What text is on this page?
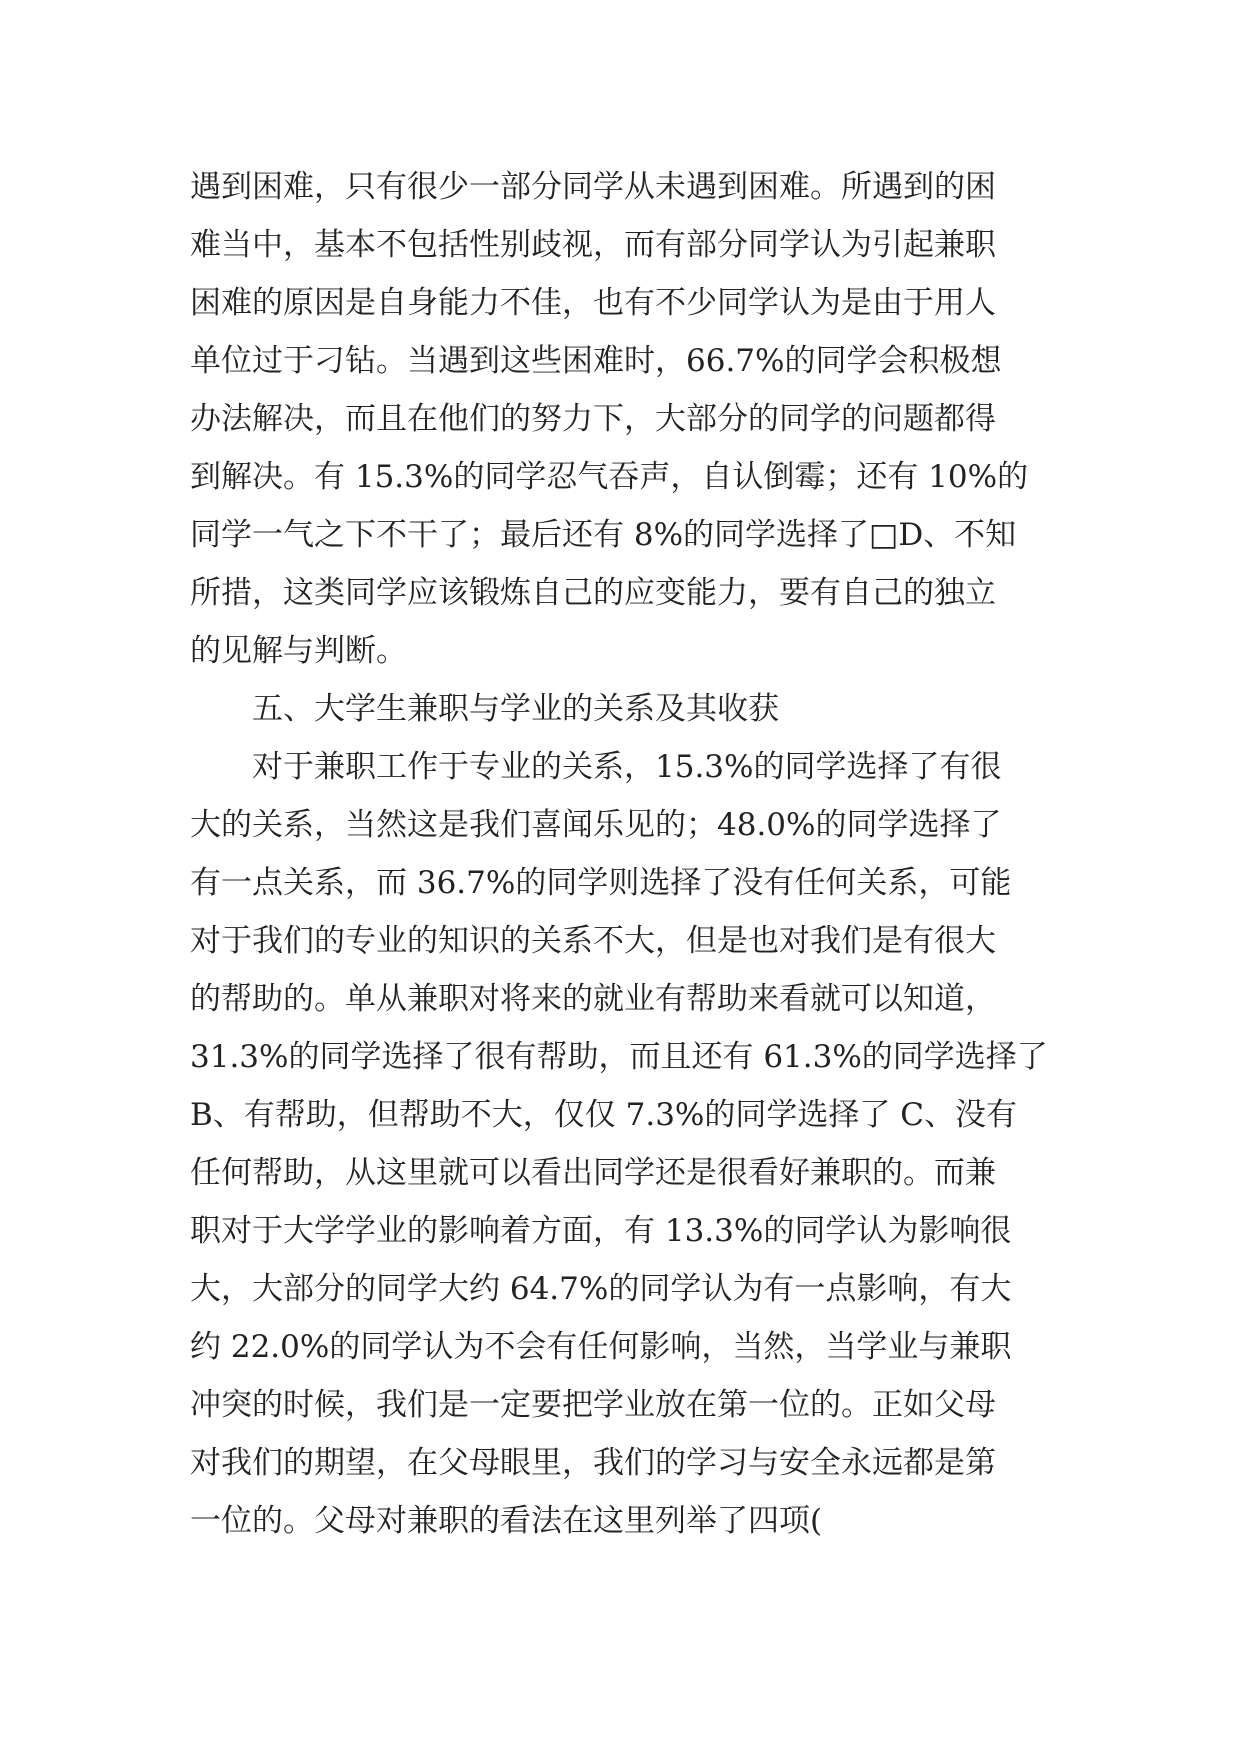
遇到困难，只有很少一部分同学从未遇到困难。所遇到的困
难当中，基本不包括性别歧视，而有部分同学认为引起兼职
困难的原因是自身能力不佳，也有不少同学认为是由于用人
单位过于刁钻。当遇到这些困难时，66.7%的同学会积极想
办法解决，而且在他们的努力下，大部分的同学的问题都得
到解决。有 15.3%的同学忍气吞声，自认倒霉；还有 10%的
同学一气之下不干了；最后还有 8%的同学选择了□D、不知
所措，这类同学应该锻炼自己的应变能力，要有自己的独立
的见解与判断。
五、大学生兼职与学业的关系及其收获
对于兼职工作于专业的关系，15.3%的同学选择了有很
大的关系，当然这是我们喜闻乐见的；48.0%的同学选择了
有一点关系，而 36.7%的同学则选择了没有任何关系，可能
对于我们的专业的知识的关系不大，但是也对我们是有很大
的帮助的。单从兼职对将来的就业有帮助来看就可以知道，
31.3%的同学选择了很有帮助，而且还有 61.3%的同学选择了
B、有帮助，但帮助不大，仅仅 7.3%的同学选择了 C、没有
任何帮助，从这里就可以看出同学还是很看好兼职的。而兼
职对于大学学业的影响着方面，有 13.3%的同学认为影响很
大，大部分的同学大约 64.7%的同学认为有一点影响，有大
约 22.0%的同学认为不会有任何影响，当然，当学业与兼职
冲突的时候，我们是一定要把学业放在第一位的。正如父母
对我们的期望，在父母眼里，我们的学习与安全永远都是第
一位的。父母对兼职的看法在这里列举了四项(
